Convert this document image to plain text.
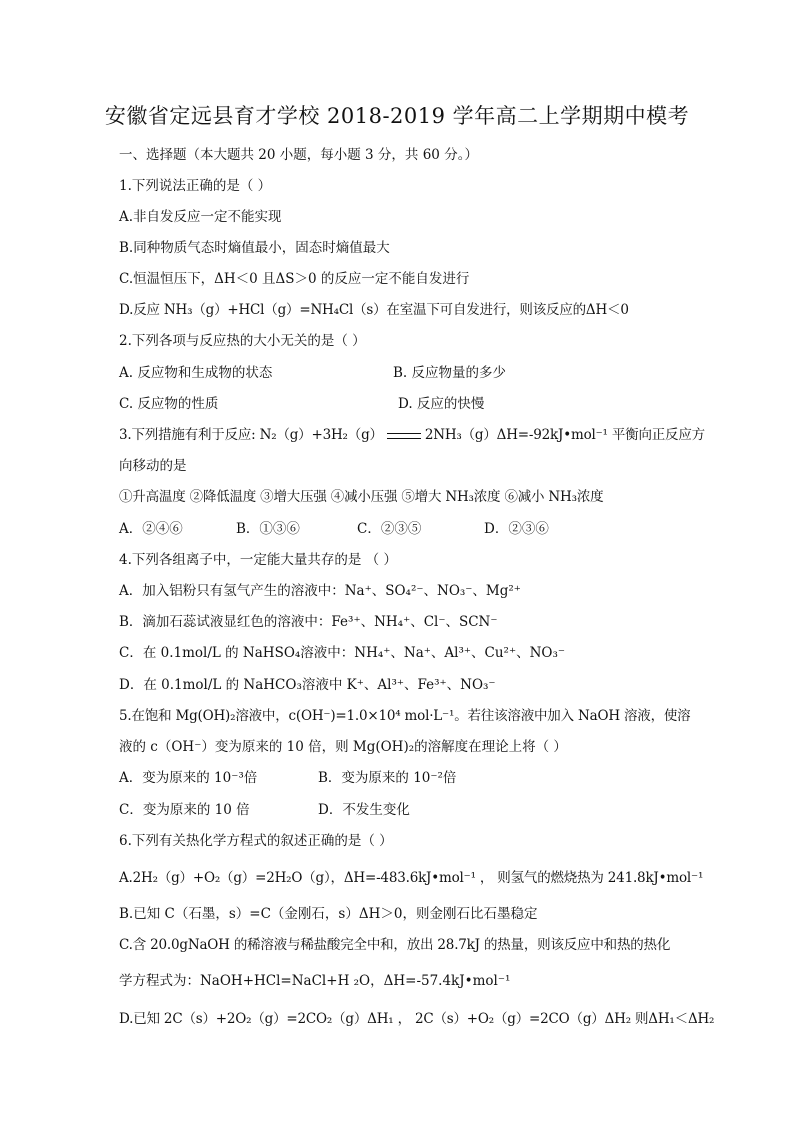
安徽省定远县育才学校 2018-2019 学年高二上学期期中模考
一、选择题（本大题共 20 小题，每小题 3 分，共 60 分。）
1.下列说法正确的是（ ）
A.非自发反应一定不能实现
B.同种物质气态时熵值最小，固态时熵值最大
C.恒温恒压下，ΔH＜0 且ΔS＞0 的反应一定不能自发进行
D.反应 NH₃（g）+HCl（g）=NH₄Cl（s）在室温下可自发进行，则该反应的ΔH＜0
2.下列各项与反应热的大小无关的是（ ）
A. 反应物和生成物的状态	B. 反应物量的多少
C. 反应物的性质	D. 反应的快慢
3.下列措施有利于反应: N₂（g）+3H₂（g）	2NH₃（g）ΔH=-92kJ•mol⁻¹ 平衡向正反应方
向移动的是
①升高温度 ②降低温度 ③增大压强 ④减小压强 ⑤增大 NH₃浓度 ⑥减小 NH₃浓度
A．②④⑥	B．①③⑥	C．②③⑤	D．②③⑥
4.下列各组离子中，一定能大量共存的是 （ ）
A．加入铝粉只有氢气产生的溶液中：Na⁺、SO₄²⁻、NO₃⁻、Mg²⁺
B．滴加石蕊试液显红色的溶液中：Fe³⁺、NH₄⁺、Cl⁻、SCN⁻
C．在 0.1mol/L 的 NaHSO₄溶液中：NH₄⁺、Na⁺、Al³⁺、Cu²⁺、NO₃⁻
D．在 0.1mol/L 的 NaHCO₃溶液中 K⁺、Al³⁺、Fe³⁺、NO₃⁻
5.在饱和 Mg(OH)₂溶液中，c(OH⁻)=1.0×10⁴ mol·L⁻¹。若往该溶液中加入 NaOH 溶液，使溶
液的 c（OH⁻）变为原来的 10 倍，则 Mg(OH)₂的溶解度在理论上将（ ）
A．变为原来的 10⁻³倍	B．变为原来的 10⁻²倍
C．变为原来的 10 倍	D．不发生变化
6.下列有关热化学方程式的叙述正确的是（ ）
A.2H₂（g）+O₂（g）=2H₂O（g），ΔH=-483.6kJ•mol⁻¹ ， 则氢气的燃烧热为 241.8kJ•mol⁻¹
B.已知 C（石墨，s）=C（金刚石，s）ΔH＞0，则金刚石比石墨稳定
C.含 20.0gNaOH 的稀溶液与稀盐酸完全中和，放出 28.7kJ 的热量，则该反应中和热的热化
学方程式为：NaOH+HCl=NaCl+H ₂O，ΔH=-57.4kJ•mol⁻¹
D.已知 2C（s）+2O₂（g）=2CO₂（g）ΔH₁ ， 2C（s）+O₂（g）=2CO（g）ΔH₂ 则ΔH₁＜ΔH₂
